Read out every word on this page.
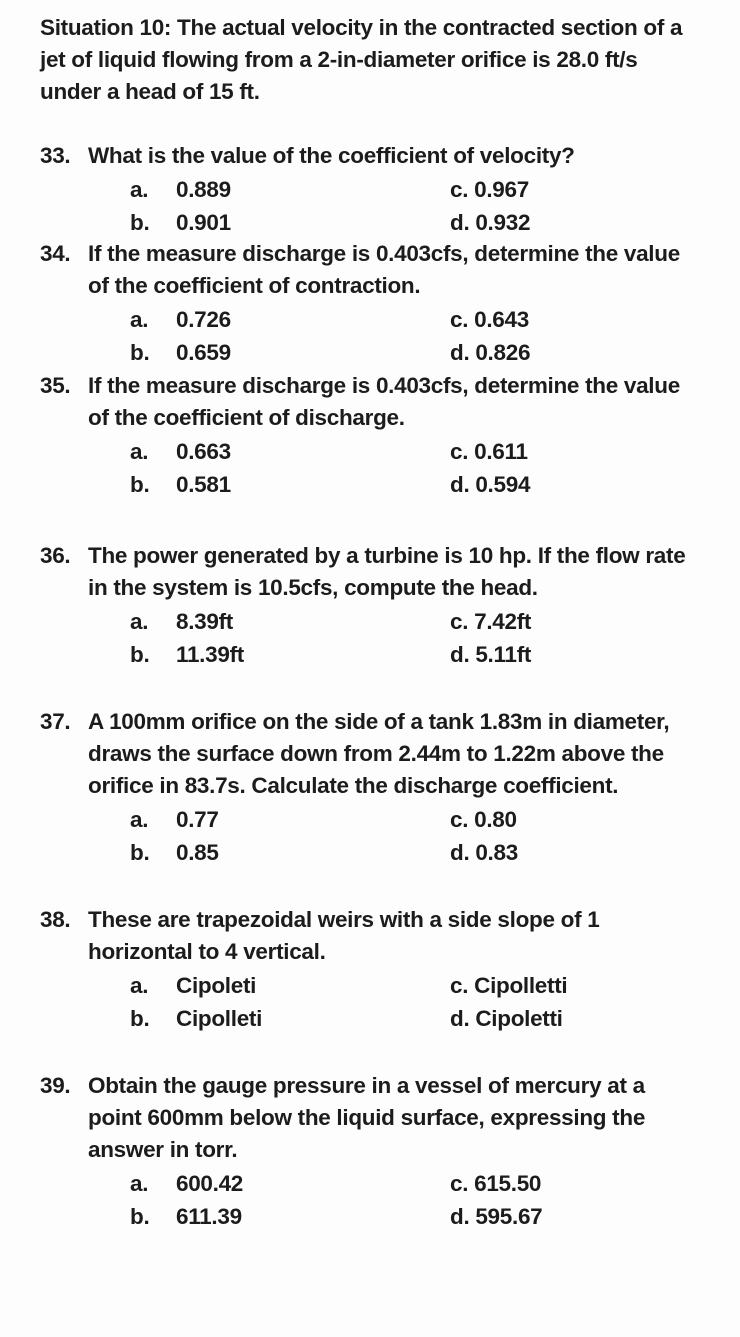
Situation 10: The actual velocity in the contracted section of a jet of liquid flowing from a 2-in-diameter orifice is 28.0 ft/s under a head of 15 ft.
33. What is the value of the coefficient of velocity?
a. 0.889	c. 0.967
b. 0.901	d. 0.932
34. If the measure discharge is 0.403cfs, determine the value of the coefficient of contraction.
a. 0.726	c. 0.643
b. 0.659	d. 0.826
35. If the measure discharge is 0.403cfs, determine the value of the coefficient of discharge.
a. 0.663	c. 0.611
b. 0.581	d. 0.594
36. The power generated by a turbine is 10 hp. If the flow rate in the system is 10.5cfs, compute the head.
a. 8.39ft	c. 7.42ft
b. 11.39ft	d. 5.11ft
37. A 100mm orifice on the side of a tank 1.83m in diameter, draws the surface down from 2.44m to 1.22m above the orifice in 83.7s. Calculate the discharge coefficient.
a. 0.77	c. 0.80
b. 0.85	d. 0.83
38. These are trapezoidal weirs with a side slope of 1 horizontal to 4 vertical.
a. Cipoleti	c. Cipolletti
b. Cipolleti	d. Cipoletti
39. Obtain the gauge pressure in a vessel of mercury at a point 600mm below the liquid surface, expressing the answer in torr.
a. 600.42	c. 615.50
b. 611.39	d. 595.67
